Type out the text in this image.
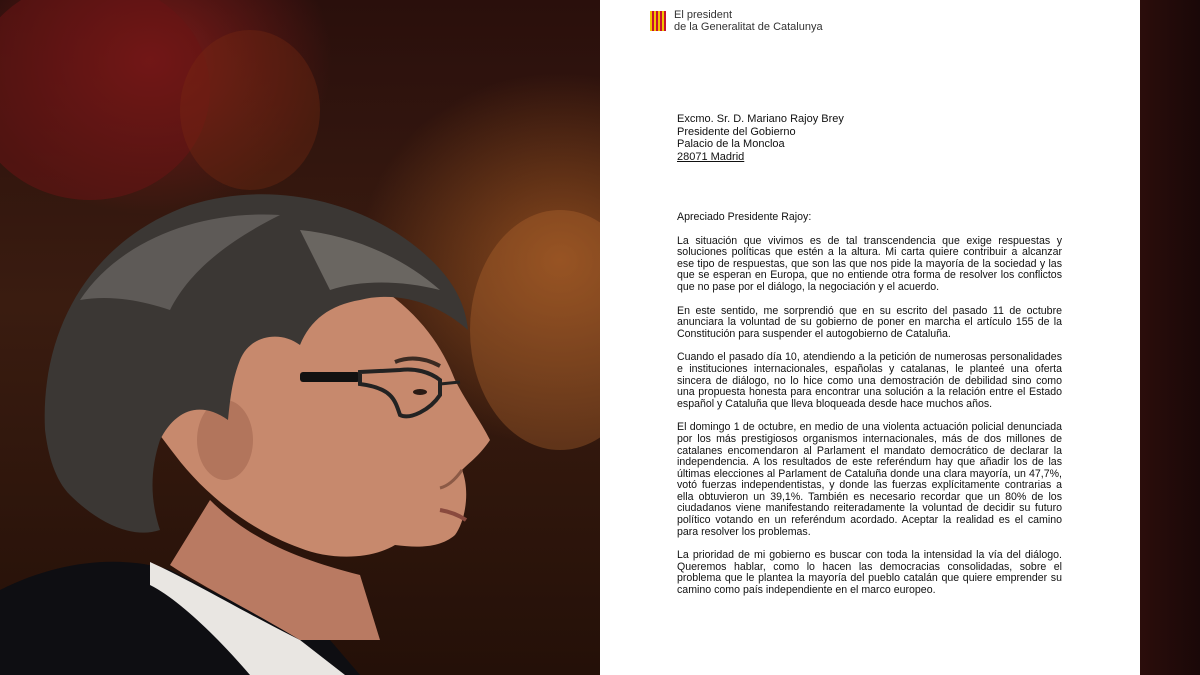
El president
de la Generalitat de Catalunya
Excmo. Sr. D. Mariano Rajoy Brey
Presidente del Gobierno
Palacio de la Moncloa
28071 Madrid

Apreciado Presidente Rajoy:

La situación que vivimos es de tal transcendencia que exige respuestas y soluciones políticas que estén a la altura. Mi carta quiere contribuir a alcanzar ese tipo de respuestas, que son las que nos pide la mayoría de la sociedad y las que se esperan en Europa, que no entiende otra forma de resolver los conflictos que no pase por el diálogo, la negociación y el acuerdo.

En este sentido, me sorprendió que en su escrito del pasado 11 de octubre anunciara la voluntad de su gobierno de poner en marcha el artículo 155 de la Constitución para suspender el autogobierno de Cataluña.

Cuando el pasado día 10, atendiendo a la petición de numerosas personalidades e instituciones internacionales, españolas y catalanas, le planteé una oferta sincera de diálogo, no lo hice como una demostración de debilidad sino como una propuesta honesta para encontrar una solución a la relación entre el Estado español y Cataluña que lleva bloqueada desde hace muchos años.

El domingo 1 de octubre, en medio de una violenta actuación policial denunciada por los más prestigiosos organismos internacionales, más de dos millones de catalanes encomendaron al Parlament el mandato democrático de declarar la independencia. A los resultados de este referéndum hay que añadir los de las últimas elecciones al Parlament de Cataluña donde una clara mayoría, un 47,7%, votó fuerzas independentistas, y donde las fuerzas explícitamente contrarias a ella obtuvieron un 39,1%. También es necesario recordar que un 80% de los ciudadanos viene manifestando reiteradamente la voluntad de decidir su futuro político votando en un referéndum acordado. Aceptar la realidad es el camino para resolver los problemas.

La prioridad de mi gobierno es buscar con toda la intensidad la vía del diálogo. Queremos hablar, como lo hacen las democracias consolidadas, sobre el problema que le plantea la mayoría del pueblo catalán que quiere emprender su camino como país independiente en el marco europeo.
